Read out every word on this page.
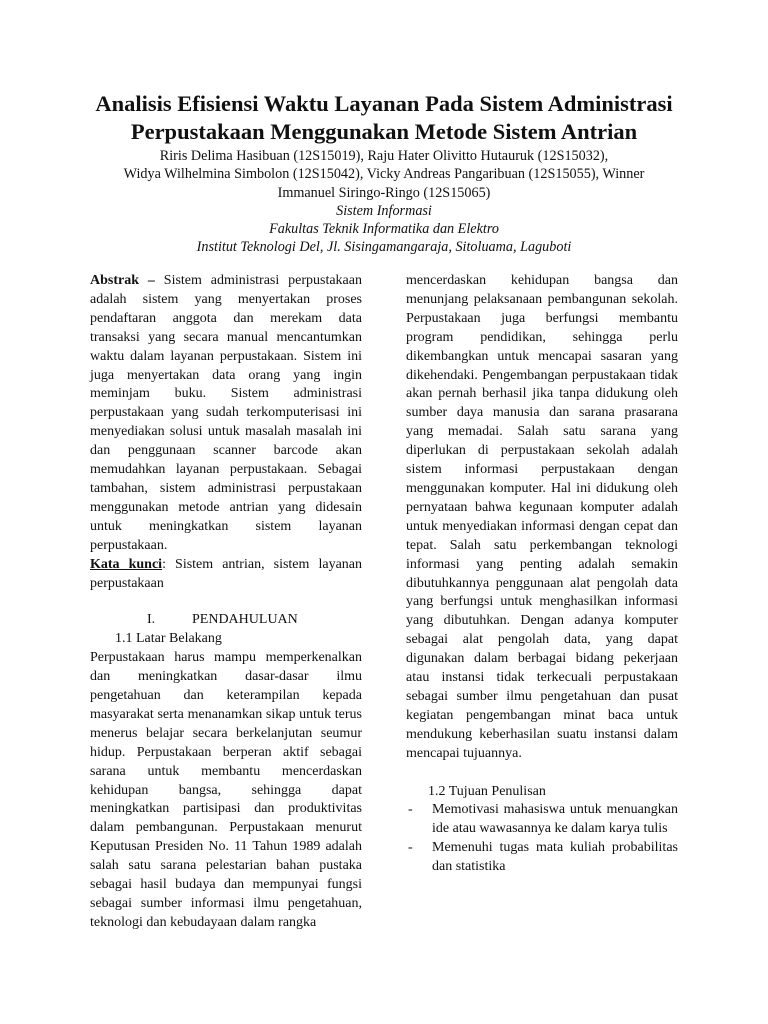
Analisis Efisiensi Waktu Layanan Pada Sistem Administrasi Perpustakaan Menggunakan Metode Sistem Antrian
Riris Delima Hasibuan (12S15019), Raju Hater Olivitto Hutauruk (12S15032),
Widya Wilhelmina Simbolon (12S15042), Vicky Andreas Pangaribuan (12S15055), Winner
Immanuel Siringo-Ringo (12S15065)
Sistem Informasi
Fakultas Teknik Informatika dan Elektro
Institut Teknologi Del, Jl. Sisingamangaraja, Sitoluama, Laguboti

Abstrak – Sistem administrasi perpustakaan adalah sistem yang menyertakan proses pendaftaran anggota dan merekam data transaksi yang secara manual mencantumkan waktu dalam layanan perpustakaan. Sistem ini juga menyertakan data orang yang ingin meminjam buku. Sistem administrasi perpustakaan yang sudah terkomputerisasi ini menyediakan solusi untuk masalah masalah ini dan penggunaan scanner barcode akan memudahkan layanan perpustakaan. Sebagai tambahan, sistem administrasi perpustakaan menggunakan metode antrian yang didesain untuk meningkatkan sistem layanan perpustakaan.

Kata kunci: Sistem antrian, sistem layanan perpustakaan

I.	PENDAHULUAN
1.1 Latar Belakang

Perpustakaan harus mampu memperkenalkan dan meningkatkan dasar-dasar ilmu pengetahuan dan keterampilan kepada masyarakat serta menanamkan sikap untuk terus menerus belajar secara berkelanjutan seumur hidup. Perpustakaan berperan aktif sebagai sarana untuk membantu mencerdaskan kehidupan bangsa, sehingga dapat meningkatkan partisipasi dan produktivitas dalam pembangunan. Perpustakaan menurut Keputusan Presiden No. 11 Tahun 1989 adalah salah satu sarana pelestarian bahan pustaka sebagai hasil budaya dan mempunyai fungsi sebagai sumber informasi ilmu pengetahuan, teknologi dan kebudayaan dalam rangka

mencerdaskan kehidupan bangsa dan menunjang pelaksanaan pembangunan sekolah. Perpustakaan juga berfungsi membantu program pendidikan, sehingga perlu dikembangkan untuk mencapai sasaran yang dikehendaki. Pengembangan perpustakaan tidak akan pernah berhasil jika tanpa didukung oleh sumber daya manusia dan sarana prasarana yang memadai. Salah satu sarana yang diperlukan di perpustakaan sekolah adalah sistem informasi perpustakaan dengan menggunakan komputer. Hal ini didukung oleh pernyataan bahwa kegunaan komputer adalah untuk menyediakan informasi dengan cepat dan tepat. Salah satu perkembangan teknologi informasi yang penting adalah semakin dibutuhkannya penggunaan alat pengolah data yang berfungsi untuk menghasilkan informasi yang dibutuhkan. Dengan adanya komputer sebagai alat pengolah data, yang dapat digunakan dalam berbagai bidang pekerjaan atau instansi tidak terkecuali perpustakaan sebagai sumber ilmu pengetahuan dan pusat kegiatan pengembangan minat baca untuk mendukung keberhasilan suatu instansi dalam mencapai tujuannya.

1.2 Tujuan Penulisan
- Memotivasi mahasiswa untuk menuangkan ide atau wawasannya ke dalam karya tulis
- Memenuhi tugas mata kuliah probabilitas dan statistika
